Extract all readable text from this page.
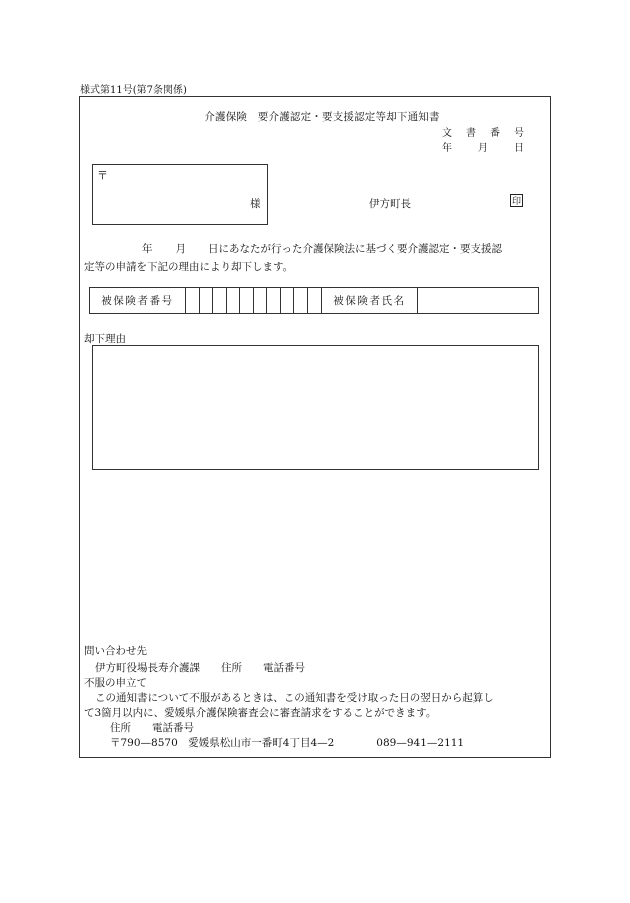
様式第11号(第7条関係)
介護保険　要介護認定・要支援認定等却下通知書
文 書 番 号
年	月	日
〒
様	伊方町長	印
年 月 日にあなたが行った介護保険法に基づく要介護認定・要支援認
定等の申請を下記の理由により却下します。
被保険者番号	被保険者氏名
却下理由
問い合わせ先
伊方町役場長寿介護課　　住所　　電話番号
不服の申立て
この通知書について不服があるときは、この通知書を受け取った日の翌日から起算し
て3箇月以内に、愛媛県介護保険審査会に審査請求をすることができます。
住所　　電話番号
〒790—8570　愛媛県松山市一番町4丁目4—2　　　　089—941—2111
